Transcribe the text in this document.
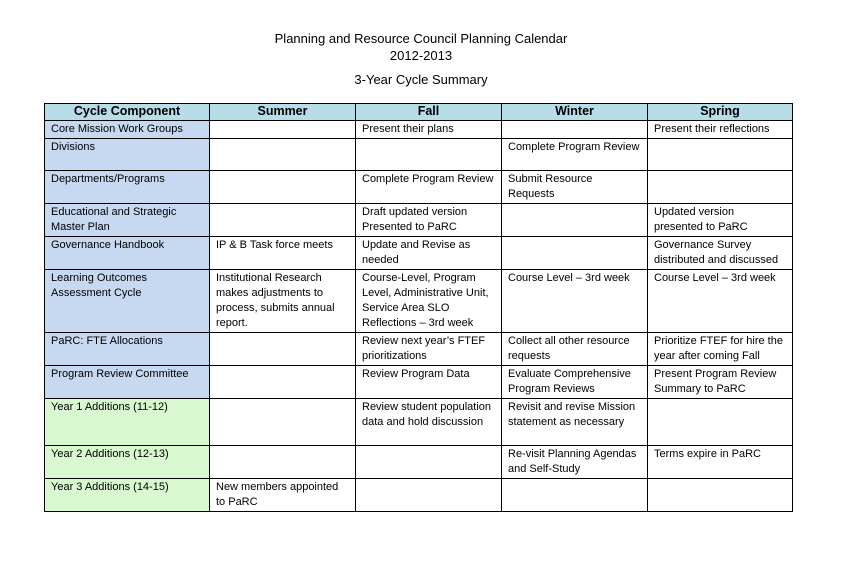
Planning and Resource Council Planning Calendar
2012-2013
3-Year Cycle Summary
Cycle Component	Summer	Fall	Winter	Spring
Core Mission Work Groups		Present their plans		Present their reflections
Divisions			Complete Program Review	
Departments/Programs		Complete Program Review	Submit Resource Requests	
Educational and Strategic Master Plan		Draft updated version Presented to PaRC		Updated version presented to PaRC
Governance Handbook	IP & B Task force meets	Update and Revise as needed		Governance Survey distributed and discussed
Learning Outcomes Assessment Cycle	Institutional Research makes adjustments to process, submits annual report.	Course-Level, Program Level, Administrative Unit, Service Area SLO Reflections – 3rd week	Course Level – 3rd week	Course Level – 3rd week
PaRC: FTE Allocations		Review next year’s FTEF prioritizations	Collect all other resource requests	Prioritize FTEF for hire the year after coming Fall
Program Review Committee		Review Program Data	Evaluate Comprehensive Program Reviews	Present Program Review Summary to PaRC
Year 1 Additions (11-12)		Review student population data and hold discussion	Revisit and revise Mission statement as necessary	
Year 2 Additions (12-13)			Re-visit Planning Agendas and Self-Study	Terms expire in PaRC
Year 3 Additions (14-15)	New members appointed to PaRC			
